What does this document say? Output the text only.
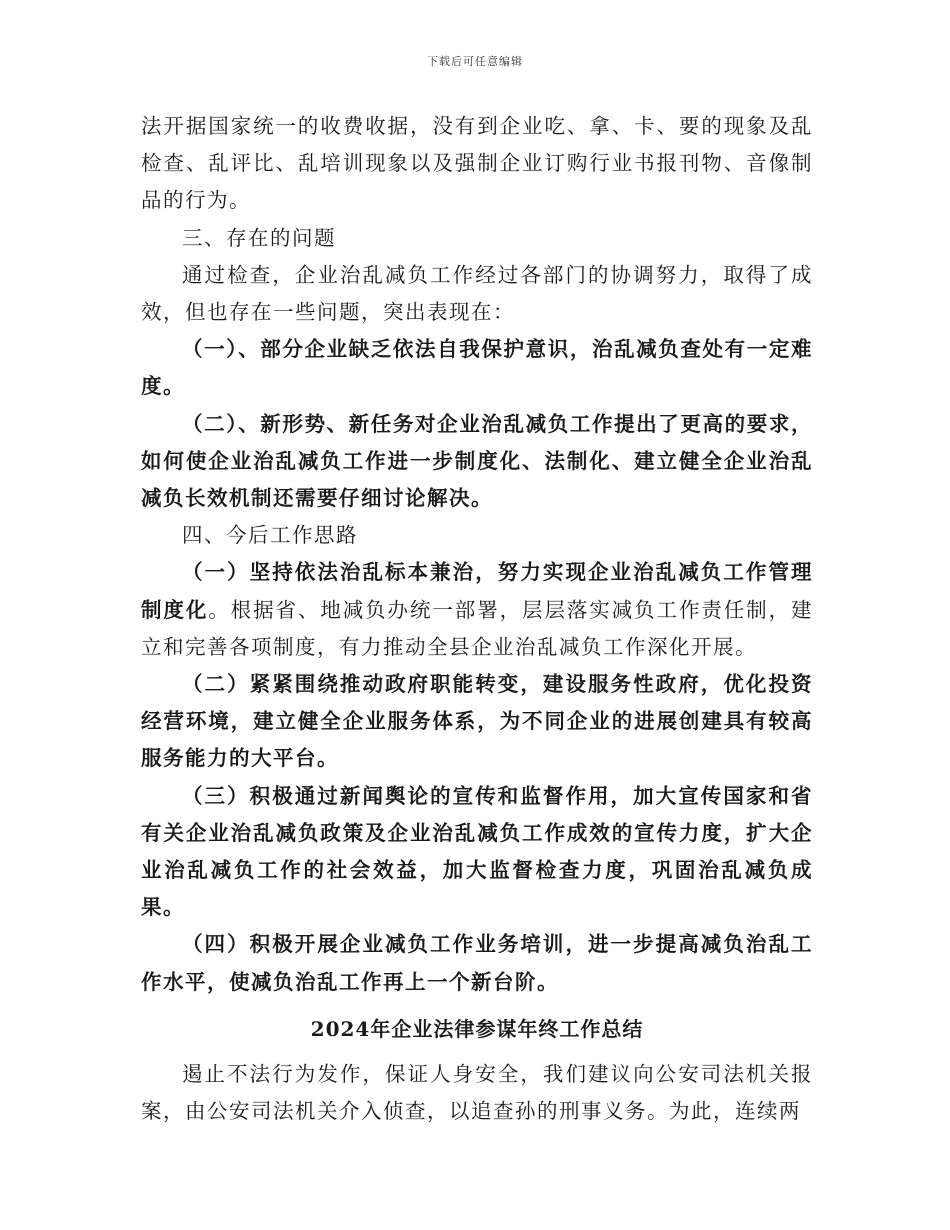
下载后可任意编辑

法开据国家统一的收费收据，没有到企业吃、拿、卡、要的现象及乱检查、乱评比、乱培训现象以及强制企业订购行业书报刊物、音像制品的行为。

三、存在的问题

通过检查，企业治乱减负工作经过各部门的协调努力，取得了成效，但也存在一些问题，突出表现在：

（一）、部分企业缺乏依法自我保护意识，治乱减负查处有一定难度。

（二）、新形势、新任务对企业治乱减负工作提出了更高的要求，如何使企业治乱减负工作进一步制度化、法制化、建立健全企业治乱减负长效机制还需要仔细讨论解决。

四、今后工作思路

（一）坚持依法治乱标本兼治，努力实现企业治乱减负工作管理制度化。根据省、地减负办统一部署，层层落实减负工作责任制，建立和完善各项制度，有力推动全县企业治乱减负工作深化开展。

（二）紧紧围绕推动政府职能转变，建设服务性政府，优化投资经营环境，建立健全企业服务体系，为不同企业的进展创建具有较高服务能力的大平台。

（三）积极通过新闻舆论的宣传和监督作用，加大宣传国家和省有关企业治乱减负政策及企业治乱减负工作成效的宣传力度，扩大企业治乱减负工作的社会效益，加大监督检查力度，巩固治乱减负成果。

（四）积极开展企业减负工作业务培训，进一步提高减负治乱工作水平，使减负治乱工作再上一个新台阶。

2024年企业法律参谋年终工作总结

遏止不法行为发作，保证人身安全，我们建议向公安司法机关报案，由公安司法机关介入侦查，以追查孙的刑事义务。为此，连续两
